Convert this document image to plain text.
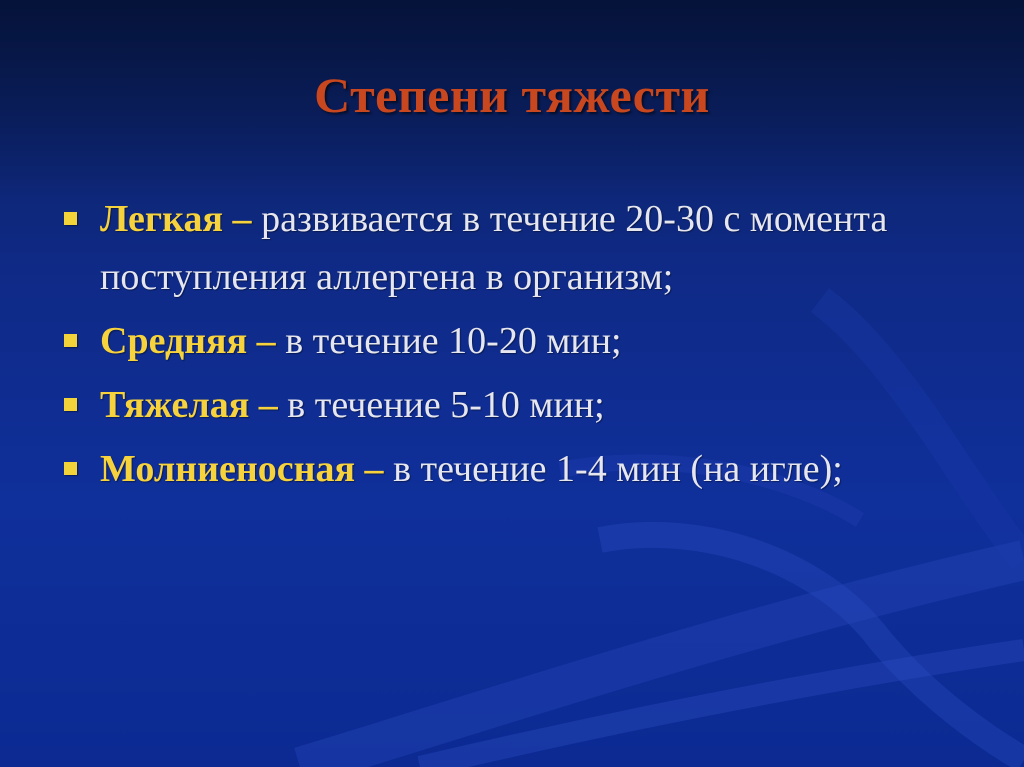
Степени тяжести
Легкая – развивается в течение 20-30 с момента поступления аллергена в организм;
Средняя – в течение 10-20 мин;
Тяжелая – в течение 5-10 мин;
Молниеносная – в течение 1-4 мин (на игле);
